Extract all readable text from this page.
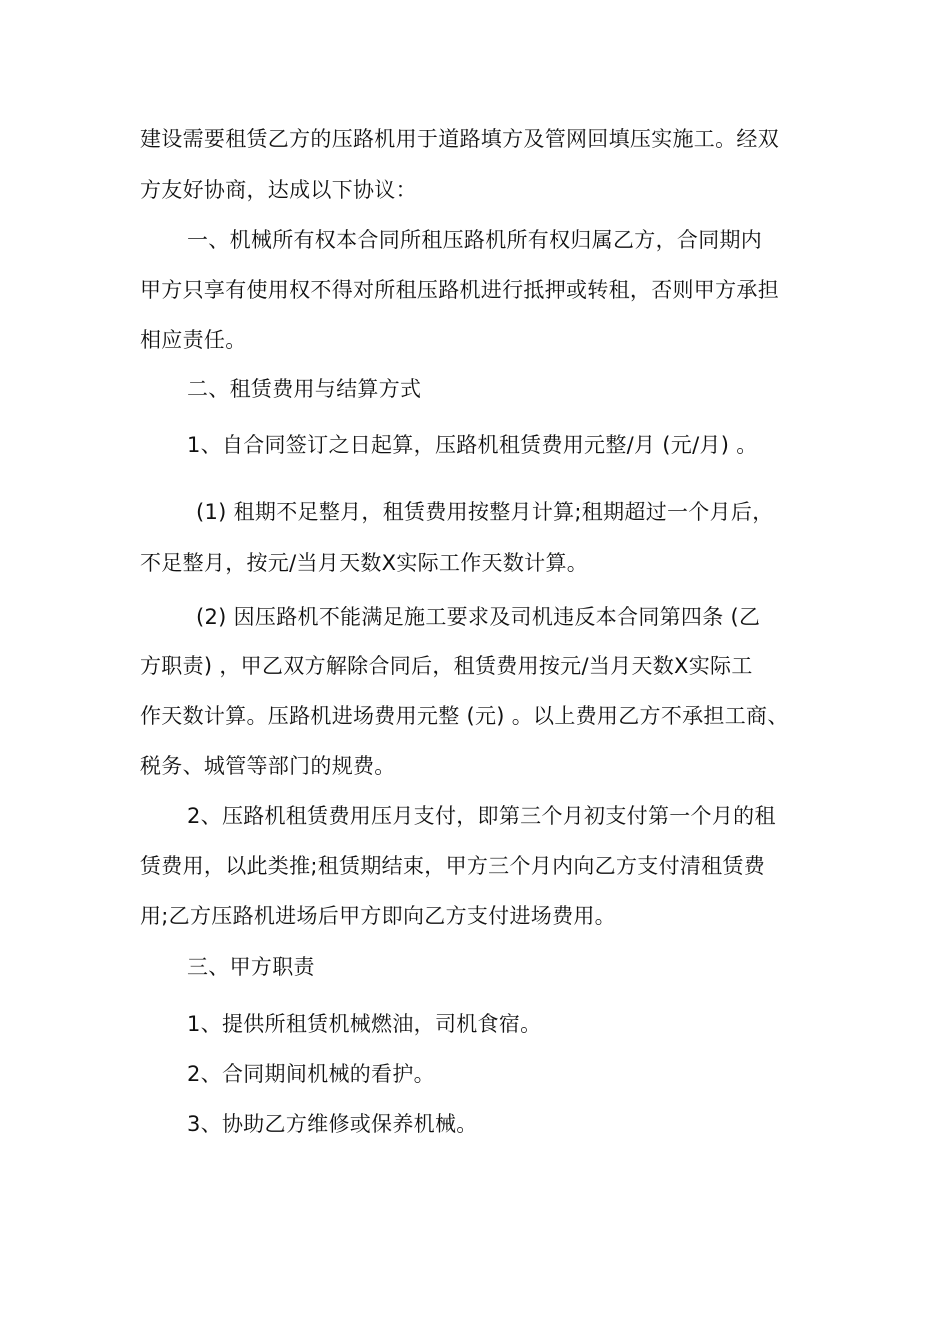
建设需要租赁乙方的压路机用于道路填方及管网回填压实施工。经双
方友好协商，达成以下协议：
一、机械所有权本合同所租压路机所有权归属乙方，合同期内
甲方只享有使用权不得对所租压路机进行抵押或转租，否则甲方承担
相应责任。
二、租赁费用与结算方式
1、自合同签订之日起算，压路机租赁费用元整/月 (元/月) 。
(1) 租期不足整月，租赁费用按整月计算;租期超过一个月后，
不足整月，按元/当月天数X实际工作天数计算。
(2) 因压路机不能满足施工要求及司机违反本合同第四条 (乙
方职责) ，甲乙双方解除合同后，租赁费用按元/当月天数X实际工
作天数计算。压路机进场费用元整 (元) 。以上费用乙方不承担工商、
税务、城管等部门的规费。
2、压路机租赁费用压月支付，即第三个月初支付第一个月的租
赁费用，以此类推;租赁期结束，甲方三个月内向乙方支付清租赁费
用;乙方压路机进场后甲方即向乙方支付进场费用。
三、甲方职责
1、提供所租赁机械燃油，司机食宿。
2、合同期间机械的看护。
3、协助乙方维修或保养机械。
